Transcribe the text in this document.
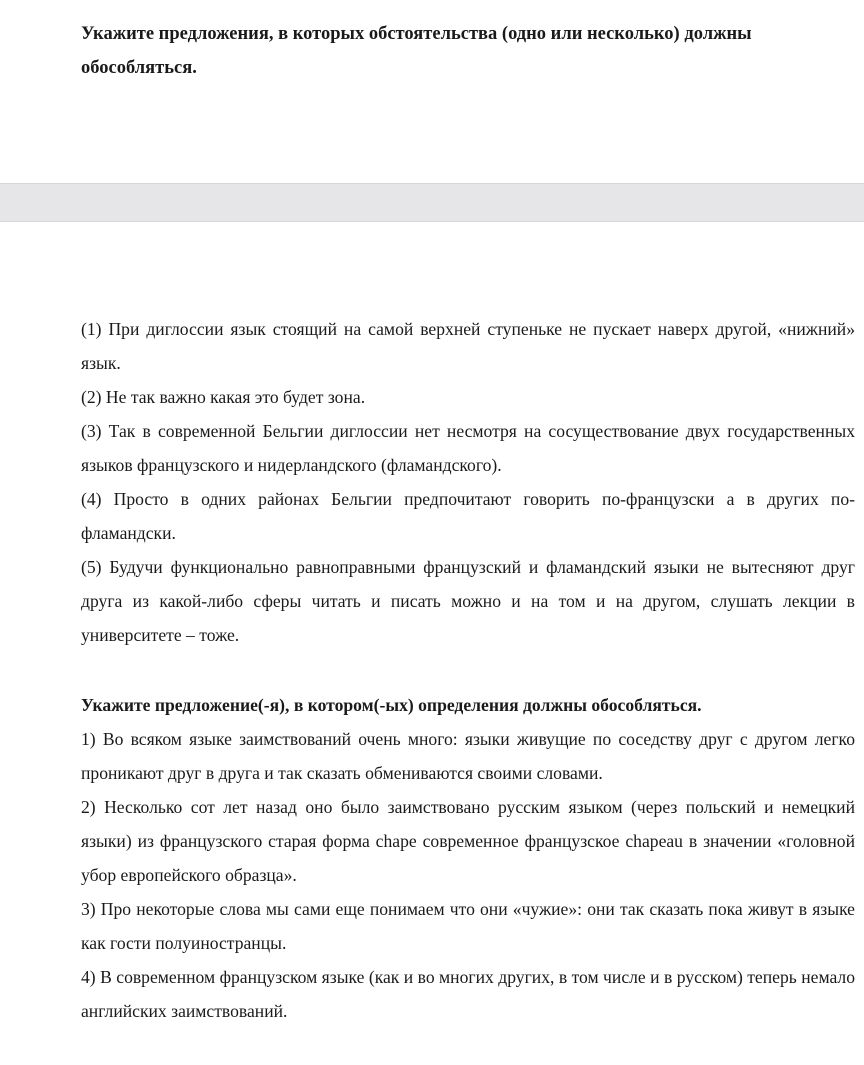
Укажите предложения, в которых обстоятельства (одно или несколько) должны обособляться.

(1) При диглоссии язык стоящий на самой верхней ступеньке не пускает наверх другой, «нижний» язык.

(2) Не так важно какая это будет зона.

(3) Так в современной Бельгии диглоссии нет несмотря на сосуществование двух государственных языков французского и нидерландского (фламандского).

(4) Просто в одних районах Бельгии предпочитают говорить по-французски а в других по-фламандски.

(5) Будучи функционально равноправными французский и фламандский языки не вытесняют друг друга из какой-либо сферы читать и писать можно и на том и на другом, слушать лекции в университете – тоже.

Укажите предложение(-я), в котором(-ых) определения должны обособляться.

1) Во всяком языке заимствований очень много: языки живущие по соседству друг с другом легко проникают друг в друга и так сказать обмениваются своими словами.

2) Несколько сот лет назад оно было заимствовано русским языком (через польский и немецкий языки) из французского старая форма chape современное французское chapeau в значении «головной убор европейского образца».

3) Про некоторые слова мы сами еще понимаем что они «чужие»: они так сказать пока живут в языке как гости полуиностранцы.

4) В современном французском языке (как и во многих других, в том числе и в русском) теперь немало английских заимствований.
